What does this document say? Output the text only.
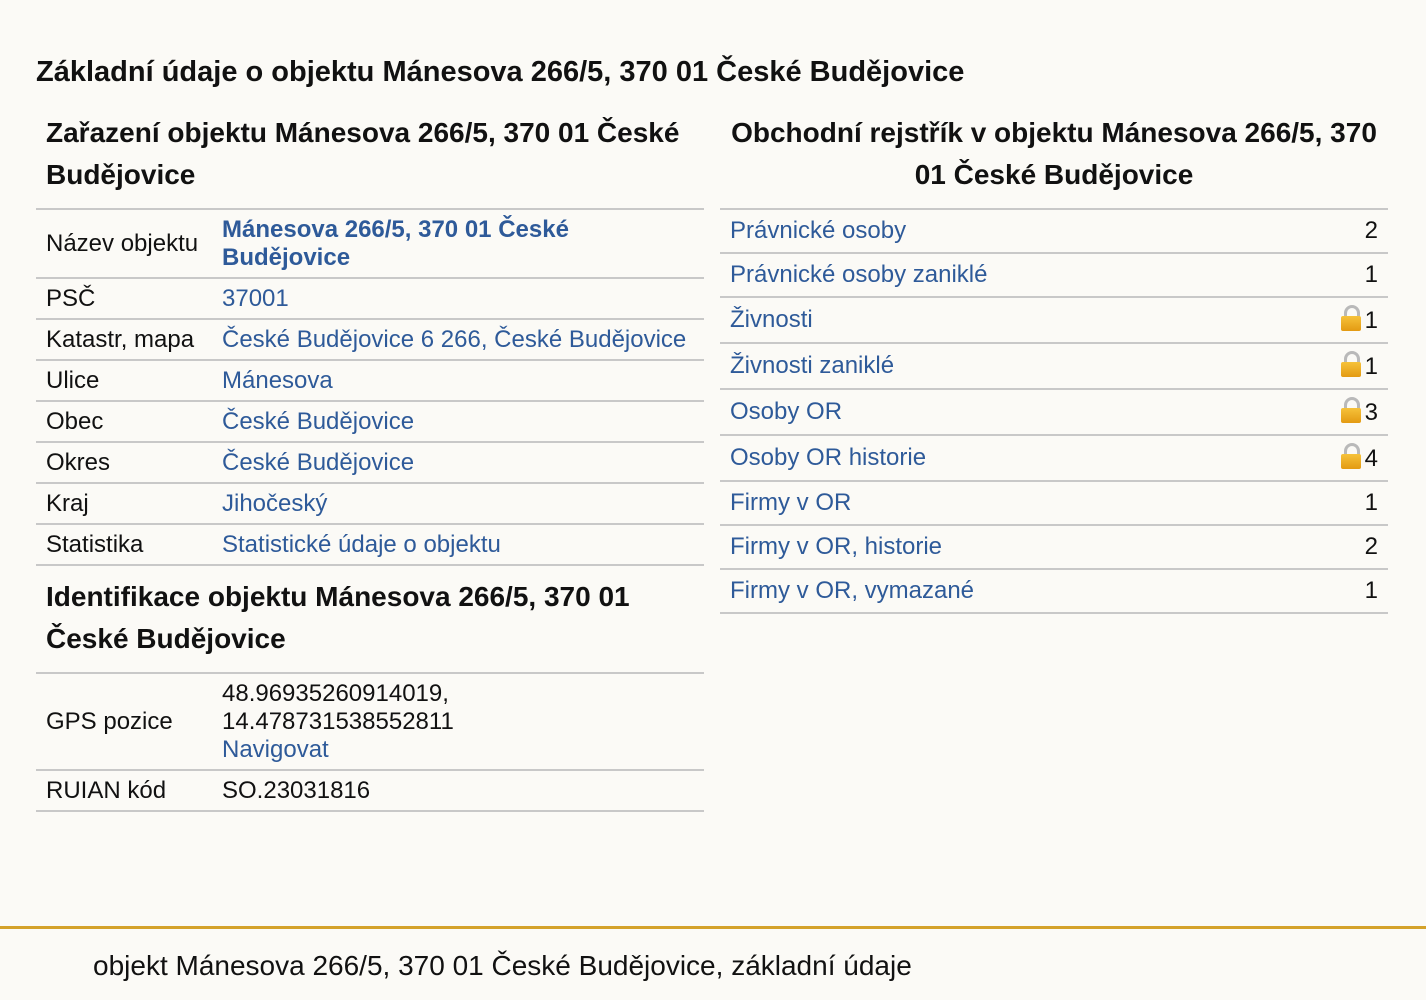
Základní údaje o objektu Mánesova 266/5, 370 01 České Budějovice
Zařazení objektu Mánesova 266/5, 370 01 České Budějovice
Název objektu	Mánesova 266/5, 370 01 České Budějovice
PSČ	37001
Katastr, mapa	České Budějovice 6 266, České Budějovice
Ulice	Mánesova
Obec	České Budějovice
Okres	České Budějovice
Kraj	Jihočeský
Statistika	Statistické údaje o objektu
Identifikace objektu Mánesova 266/5, 370 01 České Budějovice
GPS pozice	48.96935260914019, 14.478731538552811
Navigovat
RUIAN kód	SO.23031816
Obchodní rejstřík v objektu Mánesova 266/5, 370 01 České Budějovice
Právnické osoby	2
Právnické osoby zaniklé	1
Živnosti	1
Živnosti zaniklé	1
Osoby OR	3
Osoby OR historie	4
Firmy v OR	1
Firmy v OR, historie	2
Firmy v OR, vymazané	1
objekt Mánesova 266/5, 370 01 České Budějovice, základní údaje
